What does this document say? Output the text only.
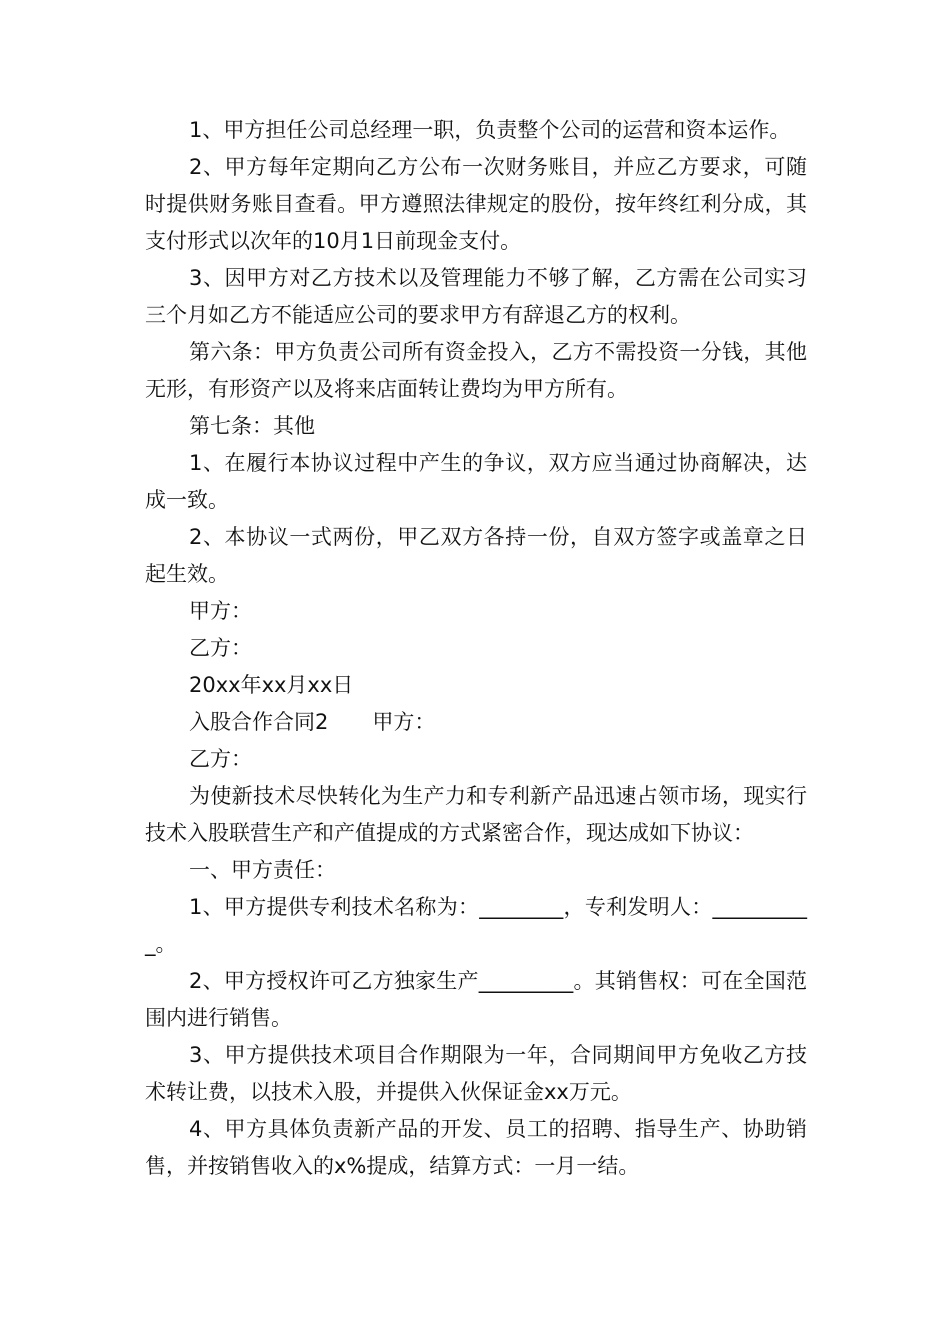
1、甲方担任公司总经理一职，负责整个公司的运营和资本运作。

2、甲方每年定期向乙方公布一次财务账目，并应乙方要求，可随时提供财务账目查看。甲方遵照法律规定的股份，按年终红利分成，其支付形式以次年的10月1日前现金支付。

3、因甲方对乙方技术以及管理能力不够了解，乙方需在公司实习三个月如乙方不能适应公司的要求甲方有辞退乙方的权利。

第六条：甲方负责公司所有资金投入，乙方不需投资一分钱，其他无形，有形资产以及将来店面转让费均为甲方所有。

第七条：其他

1、在履行本协议过程中产生的争议，双方应当通过协商解决，达成一致。

2、本协议一式两份，甲乙双方各持一份，自双方签字或盖章之日起生效。

甲方：

乙方：

20xx年xx月xx日

入股合作合同2 甲方：

乙方：

为使新技术尽快转化为生产力和专利新产品迅速占领市场，现实行技术入股联营生产和产值提成的方式紧密合作，现达成如下协议：

一、甲方责任：

1、甲方提供专利技术名称为：________，专利发明人：__________。

2、甲方授权许可乙方独家生产_________。其销售权：可在全国范围内进行销售。

3、甲方提供技术项目合作期限为一年，合同期间甲方免收乙方技术转让费，以技术入股，并提供入伙保证金xx万元。

4、甲方具体负责新产品的开发、员工的招聘、指导生产、协助销售，并按销售收入的x%提成，结算方式：一月一结。
